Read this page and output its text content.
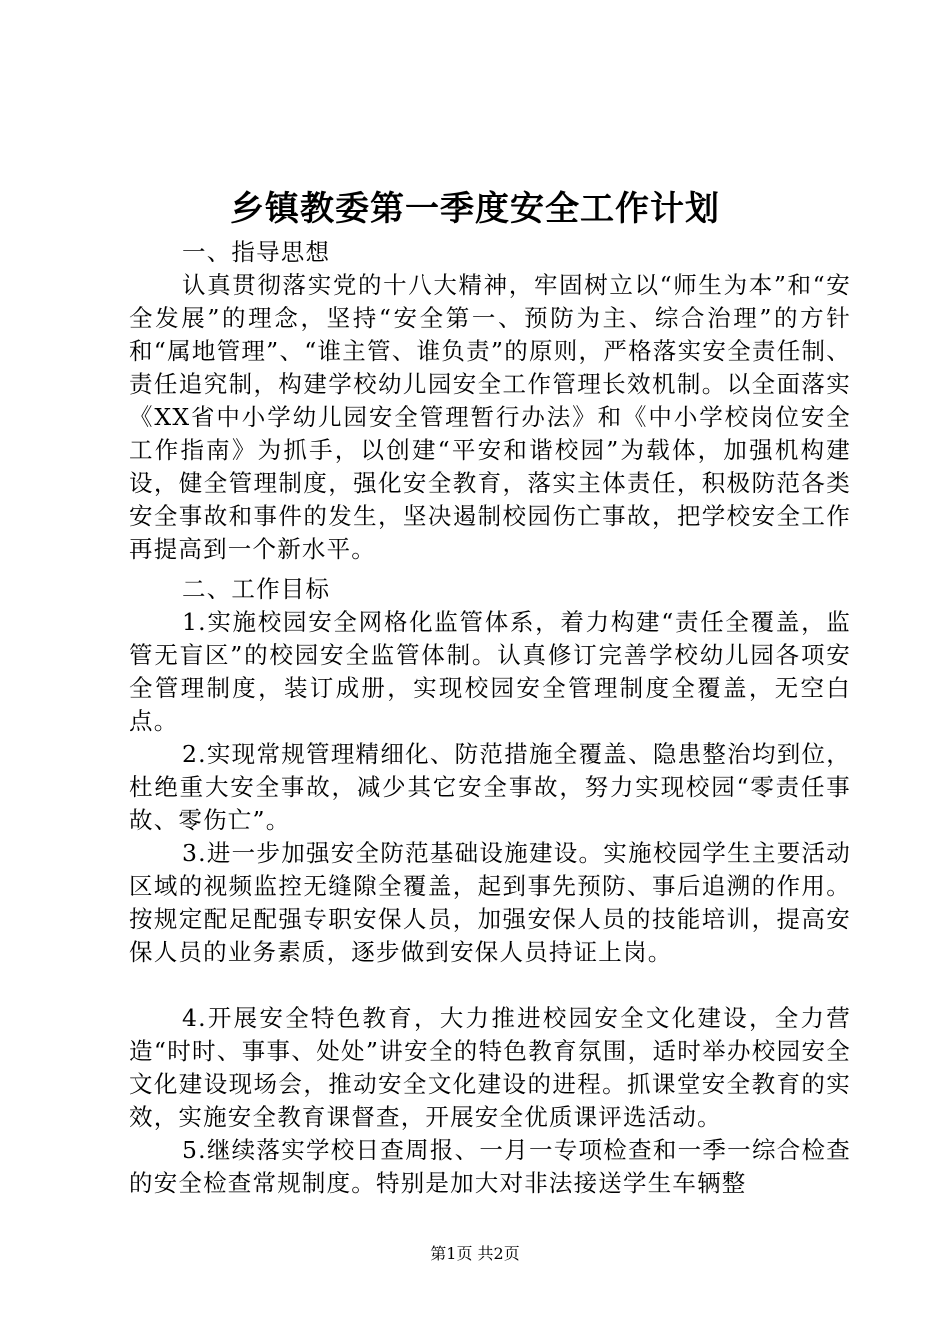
乡镇教委第一季度安全工作计划

一、指导思想

认真贯彻落实党的十八大精神，牢固树立以“师生为本”和“安全发展”的理念，坚持“安全第一、预防为主、综合治理”的方针和“属地管理”、“谁主管、谁负责”的原则，严格落实安全责任制、责任追究制，构建学校幼儿园安全工作管理长效机制。以全面落实《XX省中小学幼儿园安全管理暂行办法》和《中小学校岗位安全工作指南》为抓手，以创建“平安和谐校园”为载体，加强机构建设，健全管理制度，强化安全教育，落实主体责任，积极防范各类安全事故和事件的发生，坚决遏制校园伤亡事故，把学校安全工作再提高到一个新水平。

二、工作目标

1.实施校园安全网格化监管体系，着力构建“责任全覆盖，监管无盲区”的校园安全监管体制。认真修订完善学校幼儿园各项安全管理制度，装订成册，实现校园安全管理制度全覆盖，无空白点。

2.实现常规管理精细化、防范措施全覆盖、隐患整治均到位，杜绝重大安全事故，减少其它安全事故，努力实现校园“零责任事故、零伤亡”。

3.进一步加强安全防范基础设施建设。实施校园学生主要活动区域的视频监控无缝隙全覆盖，起到事先预防、事后追溯的作用。按规定配足配强专职安保人员，加强安保人员的技能培训，提高安保人员的业务素质，逐步做到安保人员持证上岗。

4.开展安全特色教育，大力推进校园安全文化建设，全力营造“时时、事事、处处”讲安全的特色教育氛围，适时举办校园安全文化建设现场会，推动安全文化建设的进程。抓课堂安全教育的实效，实施安全教育课督查，开展安全优质课评选活动。

5.继续落实学校日查周报、一月一专项检查和一季一综合检查的安全检查常规制度。特别是加大对非法接送学生车辆整

第1页 共2页
